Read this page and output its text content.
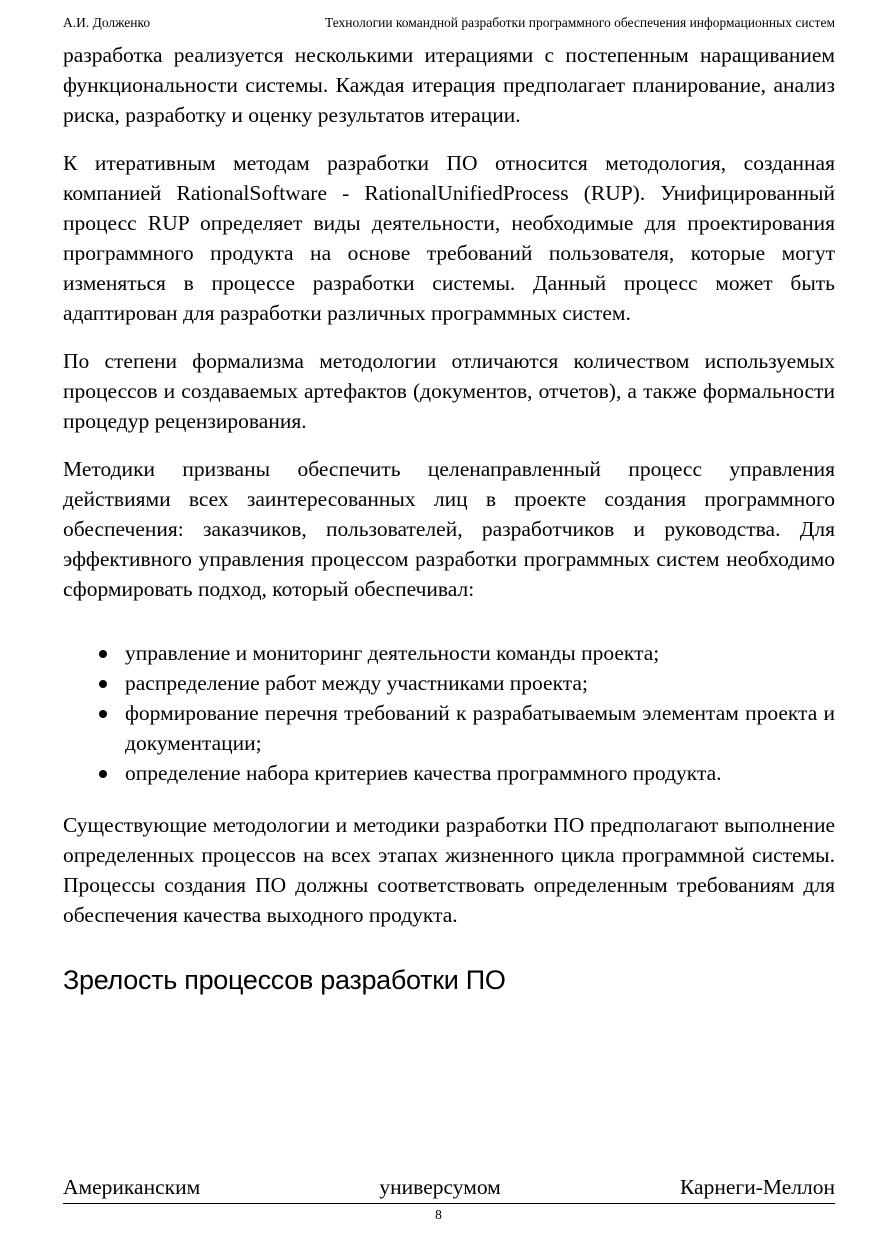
А.И. Долженко	Технологии командной разработки программного обеспечения информационных систем

разработка реализуется несколькими итерациями с постепенным наращиванием функциональности системы. Каждая итерация предполагает планирование, анализ риска, разработку и оценку результатов итерации.

К итеративным методам разработки ПО относится методология, созданная компанией RationalSoftware - RationalUnifiedProcess (RUP). Унифицированный процесс RUP определяет виды деятельности, необходимые для проектирования программного продукта на основе требований пользователя, которые могут изменяться в процессе разработки системы. Данный процесс может быть адаптирован для разработки различных программных систем.

По степени формализма методологии отличаются количеством используемых процессов и создаваемых артефактов (документов, отчетов), а также формальности процедур рецензирования.

Методики призваны обеспечить целенаправленный процесс управления действиями всех заинтересованных лиц в проекте создания программного обеспечения: заказчиков, пользователей, разработчиков и руководства. Для эффективного управления процессом разработки программных систем необходимо сформировать подход, который обеспечивал:

управление и мониторинг деятельности команды проекта;
распределение работ между участниками проекта;
формирование перечня требований к разрабатываемым элементам проекта и документации;
определение набора критериев качества программного продукта.

Существующие методологии и методики разработки ПО предполагают выполнение определенных процессов на всех этапах жизненного цикла программной системы. Процессы создания ПО должны соответствовать определенным требованиям для обеспечения качества выходного продукта.

Зрелость процессов разработки ПО
Американским	универсумом	Карнеги-Меллон
8
